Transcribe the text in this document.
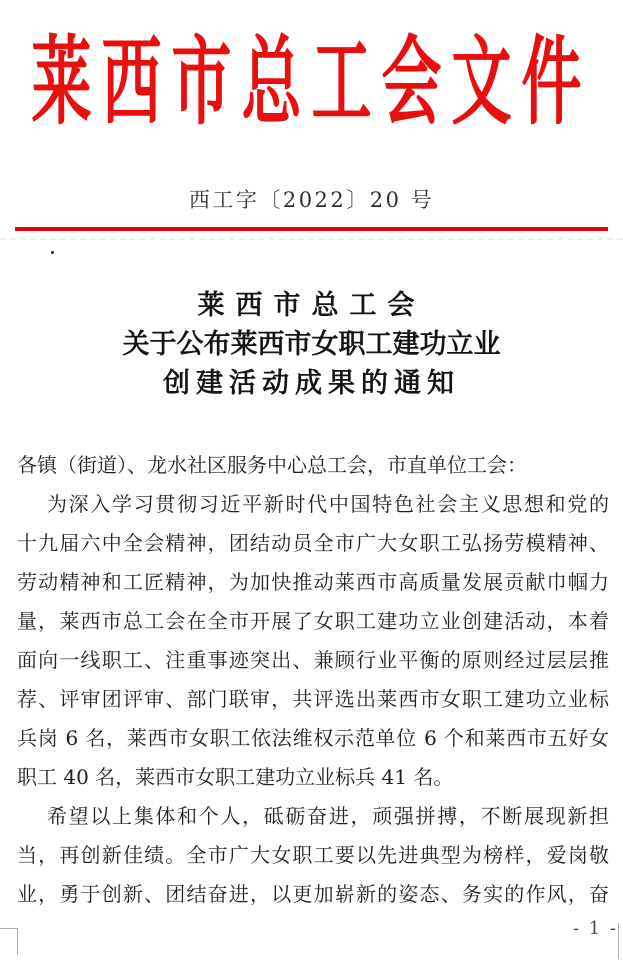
莱西市总工会文件
西工字〔2022〕20 号
莱西市总工会
关于公布莱西市女职工建功立业
创建活动成果的通知
各镇（街道）、龙水社区服务中心总工会，市直单位工会：
为深入学习贯彻习近平新时代中国特色社会主义思想和党的
十九届六中全会精神，团结动员全市广大女职工弘扬劳模精神、
劳动精神和工匠精神，为加快推动莱西市高质量发展贡献巾帼力
量，莱西市总工会在全市开展了女职工建功立业创建活动，本着
面向一线职工、注重事迹突出、兼顾行业平衡的原则经过层层推
荐、评审团评审、部门联审，共评选出莱西市女职工建功立业标
兵岗 6 名，莱西市女职工依法维权示范单位 6 个和莱西市五好女
职工 40 名，莱西市女职工建功立业标兵 41 名。
希望以上集体和个人，砥砺奋进，顽强拼搏，不断展现新担
当，再创新佳绩。全市广大女职工要以先进典型为榜样，爱岗敬
业，勇于创新、团结奋进，以更加崭新的姿态、务实的作风，奋
- 1 -
